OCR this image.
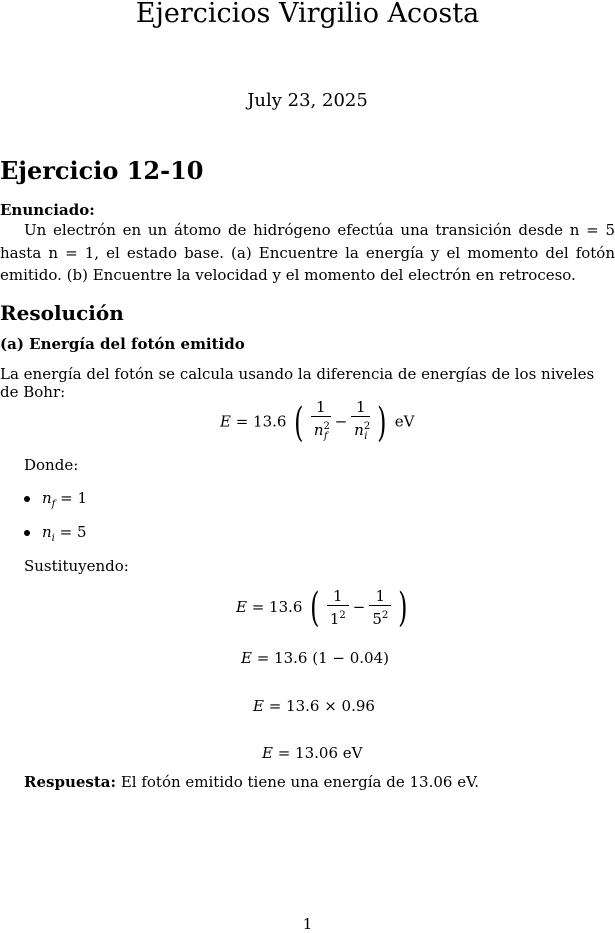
Ejercicios Virgilio Acosta
July 23, 2025
Ejercicio 12-10
Enunciado:
Un electrón en un átomo de hidrógeno efectúa una transición desde n = 5 hasta n = 1, el estado base. (a) Encuentre la energía y el momento del fotón emitido. (b) Encuentre la velocidad y el momento del electrón en retroceso.
Resolución
(a) Energía del fotón emitido
La energía del fotón se calcula usando la diferencia de energías de los niveles de Bohr:
E = 13.6 ( $\frac{1}{n^2_f} - \frac{1}{n^2_i}$ ) eV
Donde:
$n_f = 1$
$n_i = 5$
Sustituyendo:
E = 13.6 ( $\frac{1}{1^2} - \frac{1}{5^2}$ )
E = 13.6 (1 − 0.04)
E = 13.6 × 0.96
E = 13.06 eV
Respuesta: El fotón emitido tiene una energía de 13.06 eV.
1
